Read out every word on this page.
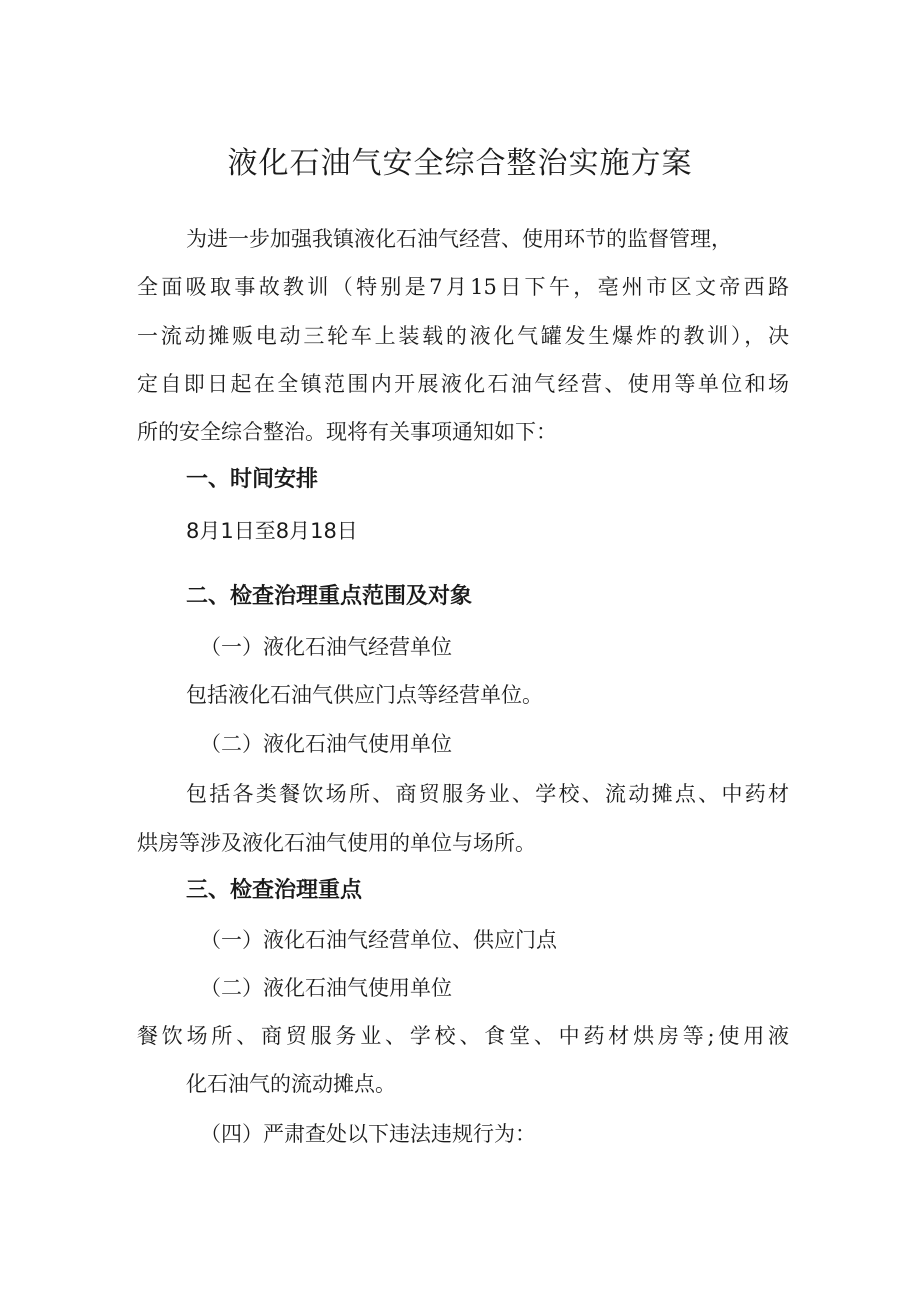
液化石油气安全综合整治实施方案

为进一步加强我镇液化石油气经营、使用环节的监督管理，

全面吸取事故教训（特别是7月15日下午，亳州市区文帝西路

一流动摊贩电动三轮车上装载的液化气罐发生爆炸的教训），决

定自即日起在全镇范围内开展液化石油气经营、使用等单位和场

所的安全综合整治。现将有关事项通知如下：

一、时间安排

8月1日至8月18日

二、检查治理重点范围及对象

（一）液化石油气经营单位

包括液化石油气供应门点等经营单位。

（二）液化石油气使用单位

包括各类餐饮场所、商贸服务业、学校、流动摊点、中药材

烘房等涉及液化石油气使用的单位与场所。

三、检查治理重点

（一）液化石油气经营单位、供应门点

（二）液化石油气使用单位

餐饮场所、商贸服务业、学校、食堂、中药材烘房等;使用液

化石油气的流动摊点。

（四）严肃查处以下违法违规行为：
